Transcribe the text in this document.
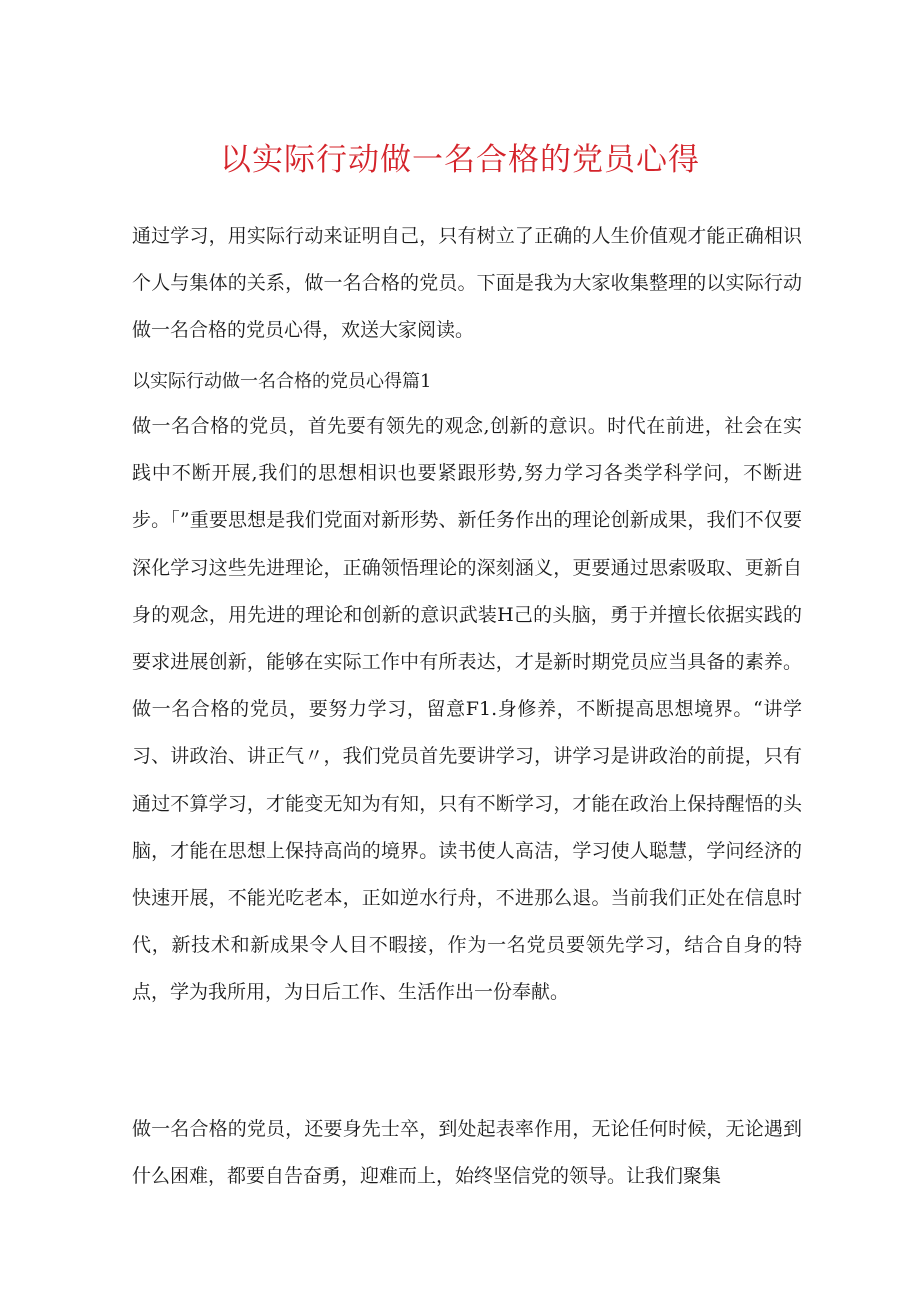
以实际行动做一名合格的党员心得
通过学习，用实际行动来证明自己，只有树立了正确的人生价值观才能正确相识个人与集体的关系，做一名合格的党员。下面是我为大家收集整理的以实际行动做一名合格的党员心得，欢送大家阅读。
以实际行动做一名合格的党员心得篇1
做一名合格的党员，首先要有领先的观念,创新的意识。时代在前进，社会在实践中不断开展,我们的思想相识也要紧跟形势,努力学习各类学科学问，不断进步。「”重要思想是我们党面对新形势、新任务作出的理论创新成果，我们不仅要深化学习这些先进理论，正确领悟理论的深刻涵义，更要通过思索吸取、更新自身的观念，用先进的理论和创新的意识武装H己的头脑，勇于并擅长依据实践的要求进展创新，能够在实际工作中有所表达，才是新时期党员应当具备的素养。做一名合格的党员，要努力学习，留意F1.身修养，不断提高思想境界。“讲学习、讲政治、讲正气〃，我们党员首先要讲学习，讲学习是讲政治的前提，只有通过不算学习，才能变无知为有知，只有不断学习，才能在政治上保持醒悟的头脑，才能在思想上保持高尚的境界。读书使人高洁，学习使人聪慧，学问经济的快速开展，不能光吃老本，正如逆水行舟，不进那么退。当前我们正处在信息时代，新技术和新成果令人目不暇接，作为一名党员要领先学习，结合自身的特点，学为我所用，为日后工作、生活作出一份奉献。
做一名合格的党员，还要身先士卒，到处起表率作用，无论任何时候，无论遇到什么困难，都要自告奋勇，迎难而上，始终坚信党的领导。让我们聚集
